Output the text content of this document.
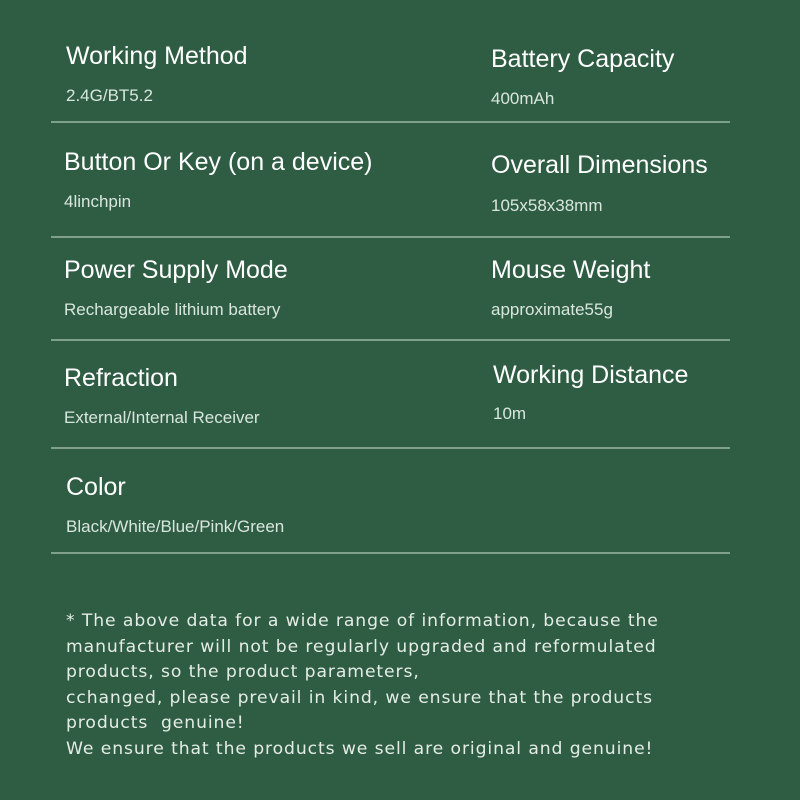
Working Method
2.4G/BT5.2
Battery Capacity
400mAh
Button Or Key (on a device)
4linchpin
Overall Dimensions
105x58x38mm
Power Supply Mode
Rechargeable lithium battery
Mouse Weight
approximate55g
Refraction
External/Internal Receiver
Working Distance
10m
Color
Black/White/Blue/Pink/Green
* The above data for a wide range of information, because the
manufacturer will not be regularly upgraded and reformulated
products, so the product parameters,
cchanged, please prevail in kind, we ensure that the products
products  genuine!
We ensure that the products we sell are original and genuine!
